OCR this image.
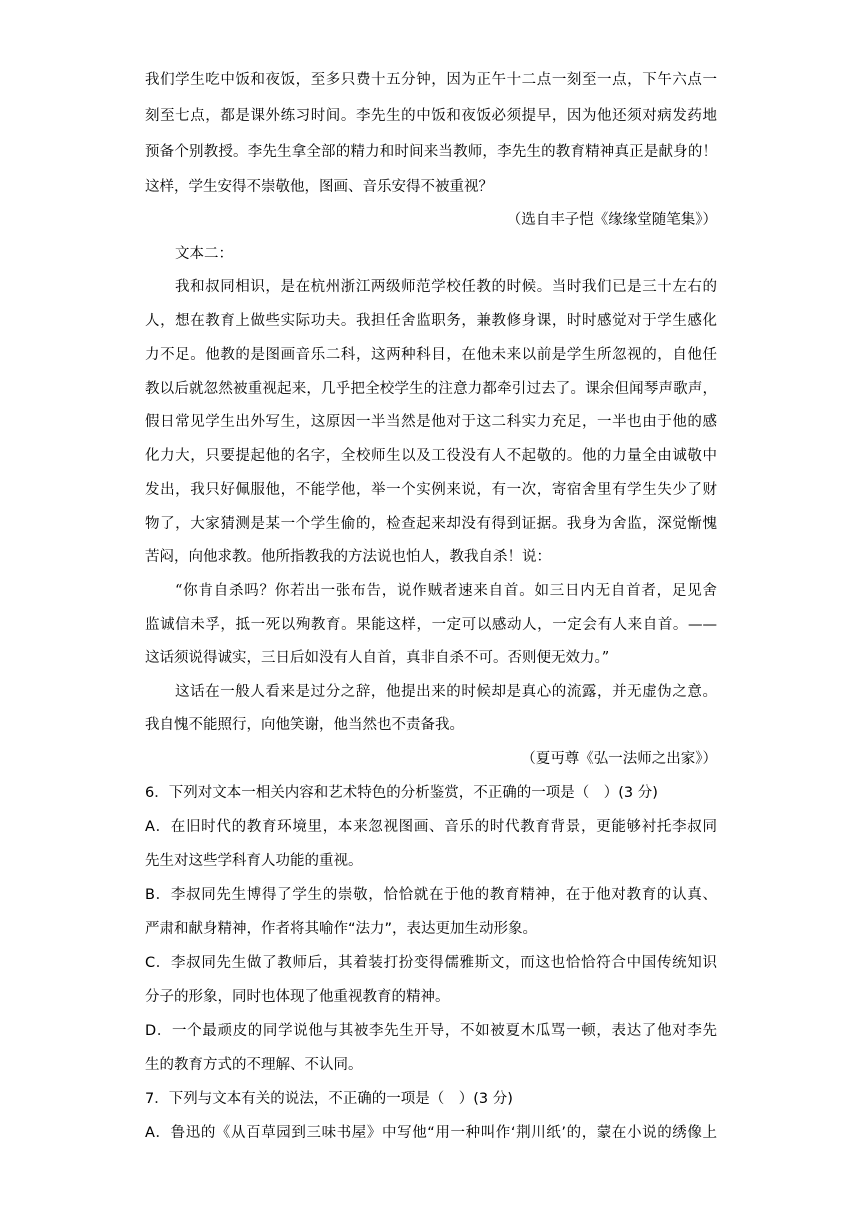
我们学生吃中饭和夜饭，至多只费十五分钟，因为正午十二点一刻至一点，下午六点一
刻至七点，都是课外练习时间。李先生的中饭和夜饭必须提早，因为他还须对病发药地
预备个别教授。李先生拿全部的精力和时间来当教师，李先生的教育精神真正是献身的！
这样，学生安得不崇敬他，图画、音乐安得不被重视？
（选自丰子恺《缘缘堂随笔集》）
文本二：
我和叔同相识，是在杭州浙江两级师范学校任教的时候。当时我们已是三十左右的
人，想在教育上做些实际功夫。我担任舍监职务，兼教修身课，时时感觉对于学生感化
力不足。他教的是图画音乐二科，这两种科目，在他未来以前是学生所忽视的，自他任
教以后就忽然被重视起来，几乎把全校学生的注意力都牵引过去了。课余但闻琴声歌声，
假日常见学生出外写生，这原因一半当然是他对于这二科实力充足，一半也由于他的感
化力大，只要提起他的名字，全校师生以及工役没有人不起敬的。他的力量全由诚敬中
发出，我只好佩服他，不能学他，举一个实例来说，有一次，寄宿舍里有学生失少了财
物了，大家猜测是某一个学生偷的，检查起来却没有得到证据。我身为舍监，深觉惭愧
苦闷，向他求教。他所指教我的方法说也怕人，教我自杀！说：
“你肯自杀吗？你若出一张布告，说作贼者速来自首。如三日内无自首者，足见舍
监诚信未孚，抵一死以殉教育。果能这样，一定可以感动人，一定会有人来自首。——
这话须说得诚实，三日后如没有人自首，真非自杀不可。否则便无效力。”
这话在一般人看来是过分之辞，他提出来的时候却是真心的流露，并无虚伪之意。
我自愧不能照行，向他笑谢，他当然也不责备我。
（夏丏尊《弘一法师之出家》）
6．下列对文本一相关内容和艺术特色的分析鉴赏，不正确的一项是（　）(3 分)
A．在旧时代的教育环境里，本来忽视图画、音乐的时代教育背景，更能够衬托李叔同
先生对这些学科育人功能的重视。
B．李叔同先生博得了学生的崇敬，恰恰就在于他的教育精神，在于他对教育的认真、
严肃和献身精神，作者将其喻作“法力”，表达更加生动形象。
C．李叔同先生做了教师后，其着装打扮变得儒雅斯文，而这也恰恰符合中国传统知识
分子的形象，同时也体现了他重视教育的精神。
D．一个最顽皮的同学说他与其被李先生开导，不如被夏木瓜骂一顿，表达了他对李先
生的教育方式的不理解、不认同。
7．下列与文本有关的说法，不正确的一项是（　）(3 分)
A．鲁迅的《从百草园到三味书屋》中写他“用一种叫作‘荆川纸’的，蒙在小说的绣像上
